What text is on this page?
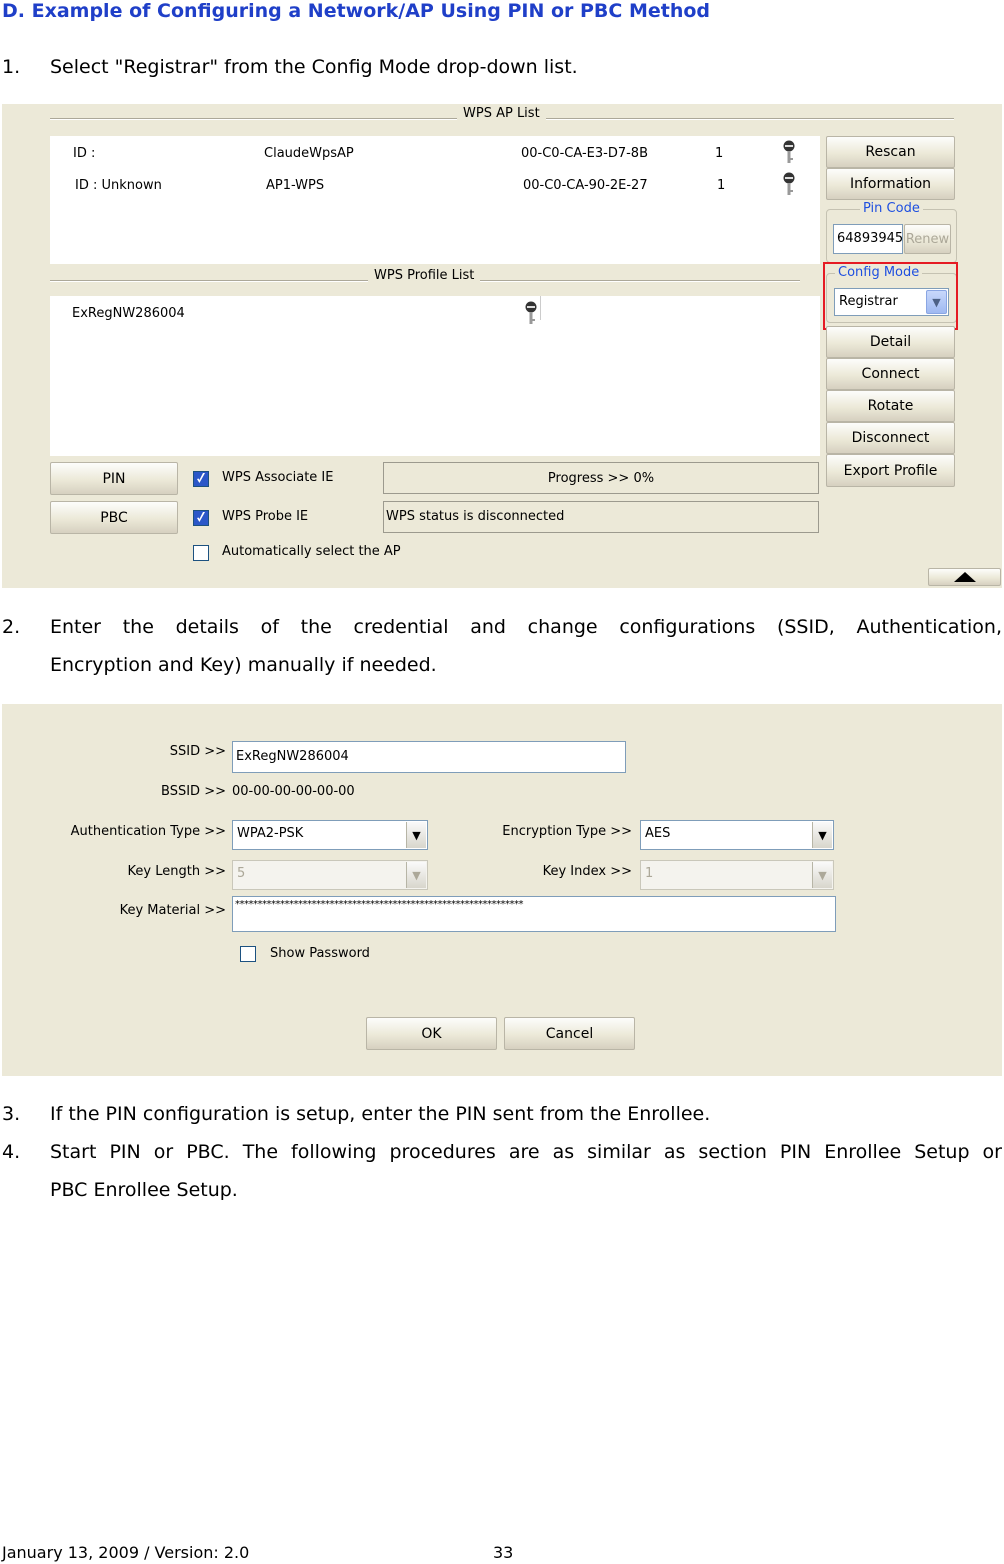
D. Example of Configuring a Network/AP Using PIN or PBC Method
1. Select "Registrar" from the Config Mode drop-down list.
WPS AP List
ID :	ClaudeWpsAP	00-C0-CA-E3-D7-8B	1
ID : Unknown	AP1-WPS	00-C0-CA-90-2E-27	1
WPS Profile List
ExRegNW286004
Rescan
Information
Pin Code
64893945 Renew
Config Mode
Registrar	▼
Detail
Connect
Rotate
Disconnect
Export Profile
PIN
PBC
WPS Associate IE
WPS Probe IE
Automatically select the AP
Progress >> 0%
WPS status is disconnected
2. Enter the details of the credential and change configurations (SSID, Authentication,
Encryption and Key) manually if needed.
SSID >> ExRegNW286004
BSSID >> 00-00-00-00-00-00
Authentication Type >> WPA2-PSK	▼	Encryption Type >> AES	▼
Key Length >> 5	▼	Key Index >> 1	▼
Key Material >> ****************************************************************
Show Password
OK	Cancel
3. If the PIN configuration is setup, enter the PIN sent from the Enrollee.
4. Start PIN or PBC. The following procedures are as similar as section PIN Enrollee Setup or
PBC Enrollee Setup.
January 13, 2009 / Version: 2.0	33
